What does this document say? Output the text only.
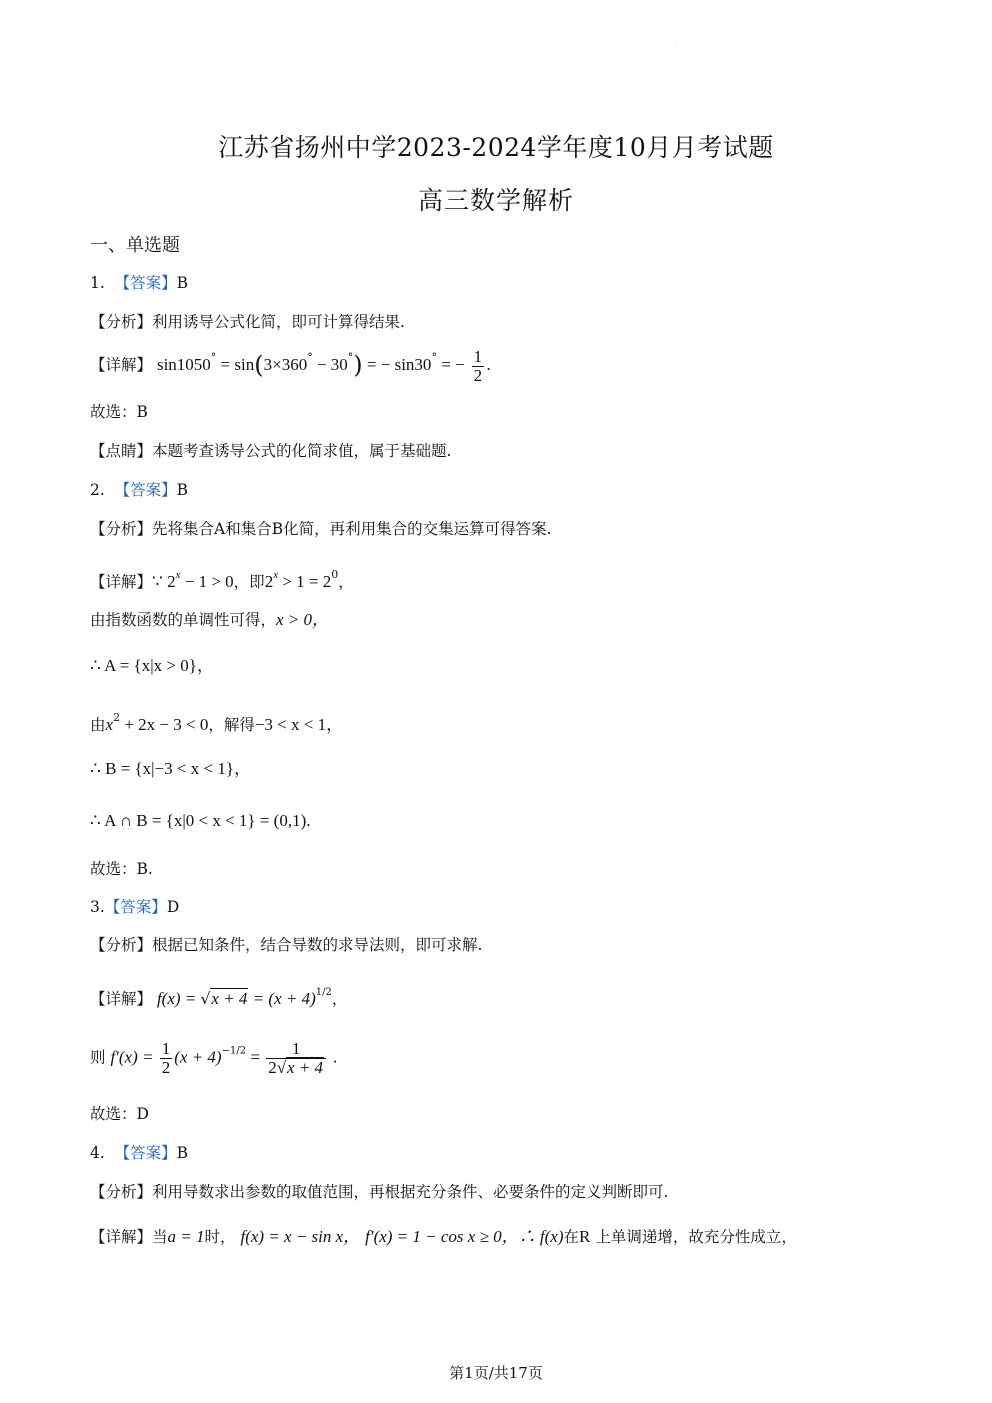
.
江苏省扬州中学2023-2024学年度10月月考试题
高三数学解析
一、单选题
1. 【答案】B
【分析】利用诱导公式化简，即可计算得结果.
【详解】 sin1050° = sin(3×360° − 30°) = − sin30° = − $\frac{1}{2}$ .
故选：B
【点睛】本题考查诱导公式的化简求值，属于基础题.
2. 【答案】B
【分析】先将集合A和集合B化简，再利用集合的交集运算可得答案.
【详解】∵ $2^x - 1 > 0$，即$2^x > 1 = 2^0$，
由指数函数的单调性可得，x > 0，
∴ A = {x|x > 0}，
由$x^2 + 2x - 3 < 0$，解得−3 < x < 1，
∴ B = {x|−3 < x < 1}，
∴ A ∩ B = {x|0 < x < 1} = (0,1).
故选：B.
3.【答案】D
【分析】根据已知条件，结合导数的求导法则，即可求解.
【详解】 $f(x) = √x + 4 = (x + 4)^{1/2}$，
则 $f'(x) = \frac{1}{2} (x + 4)^{-1/2} = \frac{1}{2√x + 4}$ .
故选：D
4. 【答案】B
【分析】利用导数求出参数的取值范围，再根据充分条件、必要条件的定义判断即可.
【详解】当a = 1时， f(x) = x − sin x， f′(x) = 1 − cos x ≥ 0，∴ f(x)在R 上单调递增，故充分性成立，
第1页/共17页
